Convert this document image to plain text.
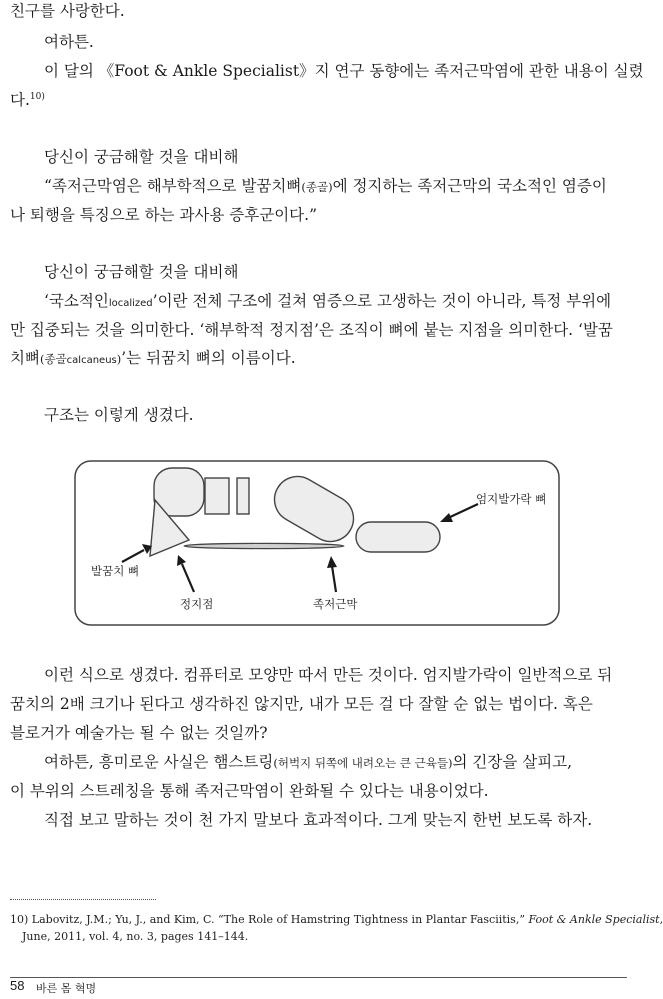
친구를 사랑한다.
여하튼.
이 달의 《Foot & Ankle Specialist》지 연구 동향에는 족저근막염에 관한 내용이 실렸
다.$^{10)}$
당신이 궁금해할 것을 대비해
“족저근막염은 해부학적으로 발꿈치뼈(종골)에 정지하는 족저근막의 국소적인 염증이
나 퇴행을 특징으로 하는 과사용 증후군이다.”
당신이 궁금해할 것을 대비해
‘국소적인localized’이란 전체 구조에 걸쳐 염증으로 고생하는 것이 아니라, 특정 부위에
만 집중되는 것을 의미한다. ‘해부학적 정지점’은 조직이 뼈에 붙는 지점을 의미한다. ‘발꿈
치뼈(종골calcaneus)’는 뒤꿈치 뼈의 이름이다.
구조는 이렇게 생겼다.
엄지발가락 뼈
발꿈치 뼈
정지점	족저근막
이런 식으로 생겼다. 컴퓨터로 모양만 따서 만든 것이다. 엄지발가락이 일반적으로 뒤
꿈치의 2배 크기나 된다고 생각하진 않지만, 내가 모든 걸 다 잘할 순 없는 법이다. 혹은
블로거가 예술가는 될 수 없는 것일까?
여하튼, 흥미로운 사실은 햄스트링(허벅지 뒤쪽에 내려오는 큰 근육들)의 긴장을 살피고,
이 부위의 스트레칭을 통해 족저근막염이 완화될 수 있다는 내용이었다.
직접 보고 말하는 것이 천 가지 말보다 효과적이다. 그게 맞는지 한번 보도록 하자.
10) Labovitz, J.M.; Yu, J., and Kim, C. “The Role of Hamstring Tightness in Plantar Fasciitis,” Foot & Ankle Specialist,
June, 2011, vol. 4, no. 3, pages 141–144.
58 바른 몸 혁명
